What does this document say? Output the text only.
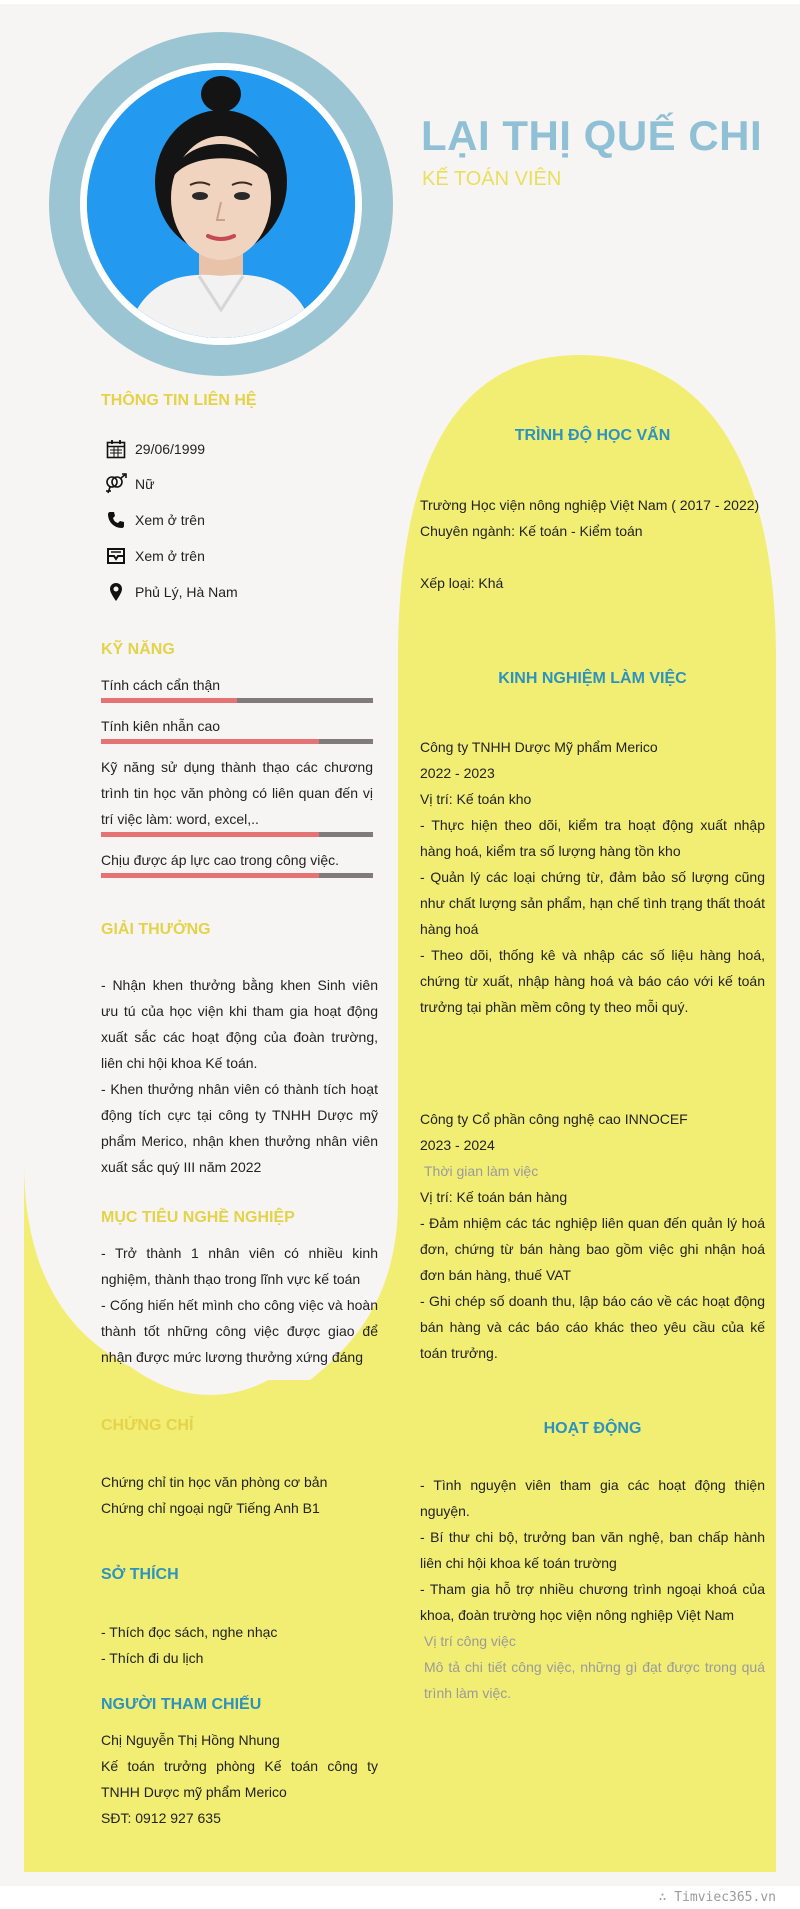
LẠI THỊ QUẾ CHI
KẾ TOÁN VIÊN
THÔNG TIN LIÊN HỆ
29/06/1999
Nữ
Xem ở trên
Xem ở trên
Phủ Lý, Hà Nam
KỸ NĂNG
Tính cách cẩn thận
Tính kiên nhẫn cao
Kỹ năng sử dụng thành thạo các chương trình tin học văn phòng có liên quan đến vị trí việc làm: word, excel,..
Chịu được áp lực cao trong công việc.
GIẢI THƯỞNG
- Nhận khen thưởng bằng khen Sinh viên ưu tú của học viện khi tham gia hoạt động xuất sắc các hoạt động của đoàn trường, liên chi hội khoa Kế toán.
- Khen thưởng nhân viên có thành tích hoạt động tích cực tại công ty TNHH Dược mỹ phẩm Merico, nhận khen thưởng nhân viên xuất sắc quý III năm 2022
MỤC TIÊU NGHỀ NGHIỆP
- Trở thành 1 nhân viên có nhiều kinh nghiệm, thành thạo trong lĩnh vực kế toán
- Cống hiến hết mình cho công việc và hoàn thành tốt những công việc được giao để nhận được mức lương thưởng xứng đáng
CHỨNG CHỈ
Chứng chỉ tin học văn phòng cơ bản
Chứng chỉ ngoại ngữ Tiếng Anh B1
SỞ THÍCH
- Thích đọc sách, nghe nhạc
- Thích đi du lịch
NGƯỜI THAM CHIẾU
Chị Nguyễn Thị Hồng Nhung
Kế toán trưởng phòng Kế toán công ty TNHH Dược mỹ phẩm Merico
SĐT: 0912 927 635
TRÌNH ĐỘ HỌC VẤN
Trường Học viện nông nghiệp Việt Nam ( 2017 - 2022)
Chuyên ngành: Kế toán - Kiểm toán
Xếp loại: Khá
KINH NGHIỆM LÀM VIỆC
Công ty TNHH Dược Mỹ phẩm Merico
2022 - 2023
Vị trí: Kế toán kho
- Thực hiện theo dõi, kiểm tra hoạt động xuất nhập hàng hoá, kiểm tra số lượng hàng tồn kho
- Quản lý các loại chứng từ, đảm bảo số lượng cũng như chất lượng sản phẩm, hạn chế tình trạng thất thoát hàng hoá
- Theo dõi, thống kê và nhập các số liệu hàng hoá, chứng từ xuất, nhập hàng hoá và báo cáo với kế toán trưởng tại phần mềm công ty theo mỗi quý.
Công ty Cổ phần công nghệ cao INNOCEF
2023 - 2024
Thời gian làm việc
Vị trí: Kế toán bán hàng
- Đảm nhiệm các tác nghiệp liên quan đến quản lý hoá đơn, chứng từ bán hàng bao gồm việc ghi nhận hoá đơn bán hàng, thuế VAT
- Ghi chép số doanh thu, lập báo cáo về các hoạt động bán hàng và các báo cáo khác theo yêu cầu của kế toán trưởng.
HOẠT ĐỘNG
- Tình nguyện viên tham gia các hoạt động thiện nguyện.
- Bí thư chi bộ, trưởng ban văn nghệ, ban chấp hành liên chi hội khoa kế toán trường
- Tham gia hỗ trợ nhiều chương trình ngoại khoá của khoa, đoàn trường học viện nông nghiệp Việt Nam
Vị trí công việc
Mô tả chi tiết công việc, những gì đạt được trong quá trình làm việc.
∴ Timviec365.vn
